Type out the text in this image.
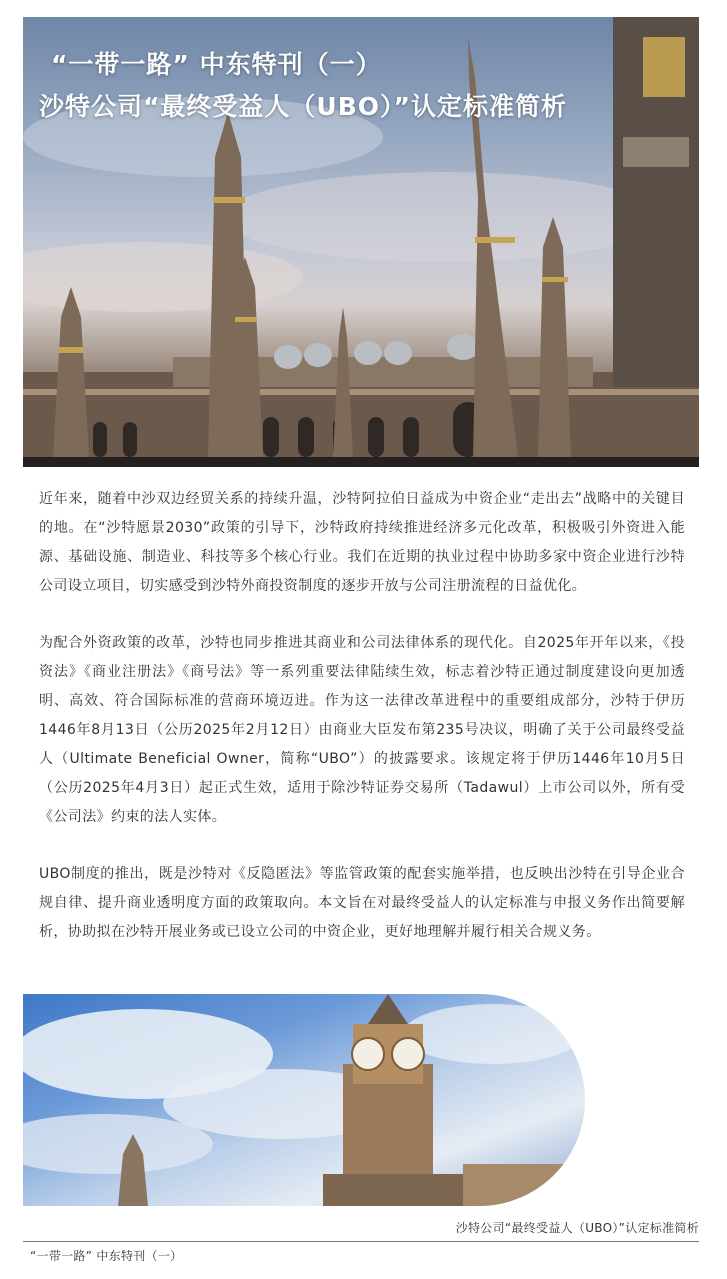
“一带一路” 中东特刊（一）
沙特公司“最终受益人（UBO）”认定标准简析

近年来，随着中沙双边经贸关系的持续升温，沙特阿拉伯日益成为中资企业“走出去”战略中的关键目的地。在“沙特愿景2030”政策的引导下，沙特政府持续推进经济多元化改革，积极吸引外资进入能源、基础设施、制造业、科技等多个核心行业。我们在近期的执业过程中协助多家中资企业进行沙特公司设立项目，切实感受到沙特外商投资制度的逐步开放与公司注册流程的日益优化。

为配合外资政策的改革，沙特也同步推进其商业和公司法律体系的现代化。自2025年开年以来，《投资法》《商业注册法》《商号法》等一系列重要法律陆续生效，标志着沙特正通过制度建设向更加透明、高效、符合国际标准的营商环境迈进。作为这一法律改革进程中的重要组成部分，沙特于伊历1446年8月13日（公历2025年2月12日）由商业大臣发布第235号决议，明确了关于公司最终受益人（Ultimate Beneficial Owner，简称“UBO”）的披露要求。该规定将于伊历1446年10月5日（公历2025年4月3日）起正式生效，适用于除沙特证券交易所（Tadawul）上市公司以外，所有受《公司法》约束的法人实体。

UBO制度的推出，既是沙特对《反隐匿法》等监管政策的配套实施举措，也反映出沙特在引导企业合规自律、提升商业透明度方面的政策取向。本文旨在对最终受益人的认定标准与申报义务作出简要解析，协助拟在沙特开展业务或已设立公司的中资企业，更好地理解并履行相关合规义务。

沙特公司“最终受益人（UBO）”认定标准简析
“一带一路” 中东特刊（一）
